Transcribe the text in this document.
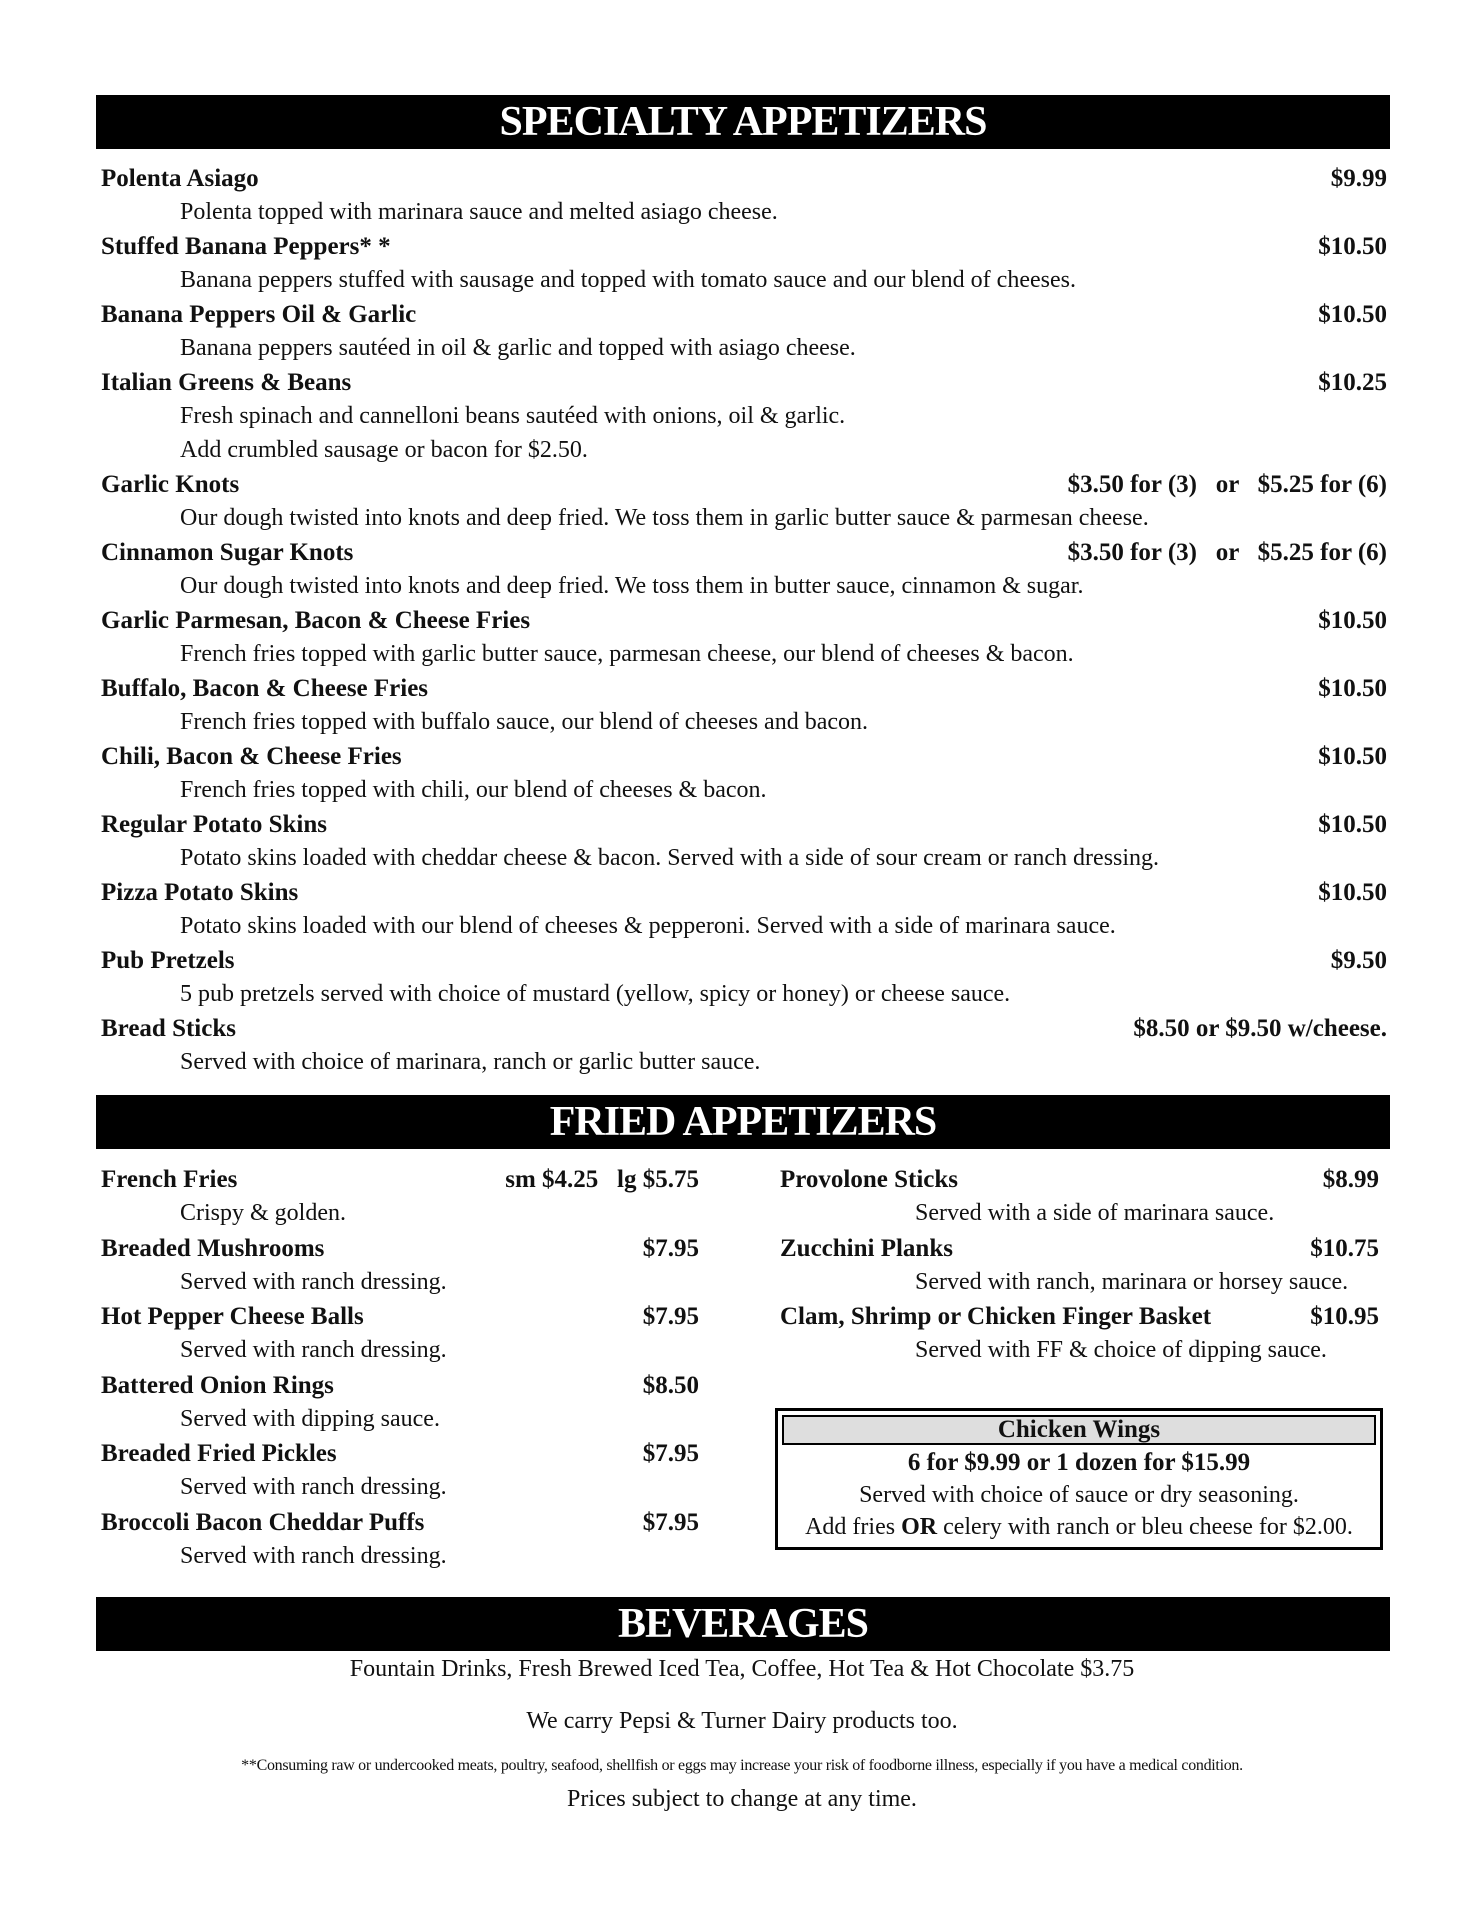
SPECIALTY APPETIZERS
Polenta Asiago	$9.99
Polenta topped with marinara sauce and melted asiago cheese.
Stuffed Banana Peppers* *	$10.50
Banana peppers stuffed with sausage and topped with tomato sauce and our blend of cheeses.
Banana Peppers Oil & Garlic	$10.50
Banana peppers sautéed in oil & garlic and topped with asiago cheese.
Italian Greens & Beans	$10.25
Fresh spinach and cannelloni beans sautéed with onions, oil & garlic.
Add crumbled sausage or bacon for $2.50.
Garlic Knots	$3.50 for (3)   or   $5.25 for (6)
Our dough twisted into knots and deep fried. We toss them in garlic butter sauce & parmesan cheese.
Cinnamon Sugar Knots	$3.50 for (3)   or   $5.25 for (6)
Our dough twisted into knots and deep fried. We toss them in butter sauce, cinnamon & sugar.
Garlic Parmesan, Bacon & Cheese Fries	$10.50
French fries topped with garlic butter sauce, parmesan cheese, our blend of cheeses & bacon.
Buffalo, Bacon & Cheese Fries	$10.50
French fries topped with buffalo sauce, our blend of cheeses and bacon.
Chili, Bacon & Cheese Fries	$10.50
French fries topped with chili, our blend of cheeses & bacon.
Regular Potato Skins	$10.50
Potato skins loaded with cheddar cheese & bacon. Served with a side of sour cream or ranch dressing.
Pizza Potato Skins	$10.50
Potato skins loaded with our blend of cheeses & pepperoni. Served with a side of marinara sauce.
Pub Pretzels	$9.50
5 pub pretzels served with choice of mustard (yellow, spicy or honey) or cheese sauce.
Bread Sticks	$8.50 or $9.50 w/cheese.
Served with choice of marinara, ranch or garlic butter sauce.
FRIED APPETIZERS
French Fries	sm $4.25   lg $5.75
Crispy & golden.
Breaded Mushrooms	$7.95
Served with ranch dressing.
Hot Pepper Cheese Balls	$7.95
Served with ranch dressing.
Battered Onion Rings	$8.50
Served with dipping sauce.
Breaded Fried Pickles	$7.95
Served with ranch dressing.
Broccoli Bacon Cheddar Puffs	$7.95
Served with ranch dressing.
Provolone Sticks	$8.99
Served with a side of marinara sauce.
Zucchini Planks	$10.75
Served with ranch, marinara or horsey sauce.
Clam, Shrimp or Chicken Finger Basket	$10.95
Served with FF & choice of dipping sauce.
Chicken Wings
6 for $9.99 or 1 dozen for $15.99
Served with choice of sauce or dry seasoning.
Add fries OR celery with ranch or bleu cheese for $2.00.
BEVERAGES
Fountain Drinks, Fresh Brewed Iced Tea, Coffee, Hot Tea & Hot Chocolate $3.75
We carry Pepsi & Turner Dairy products too.
**Consuming raw or undercooked meats, poultry, seafood, shellfish or eggs may increase your risk of foodborne illness, especially if you have a medical condition.
Prices subject to change at any time.
